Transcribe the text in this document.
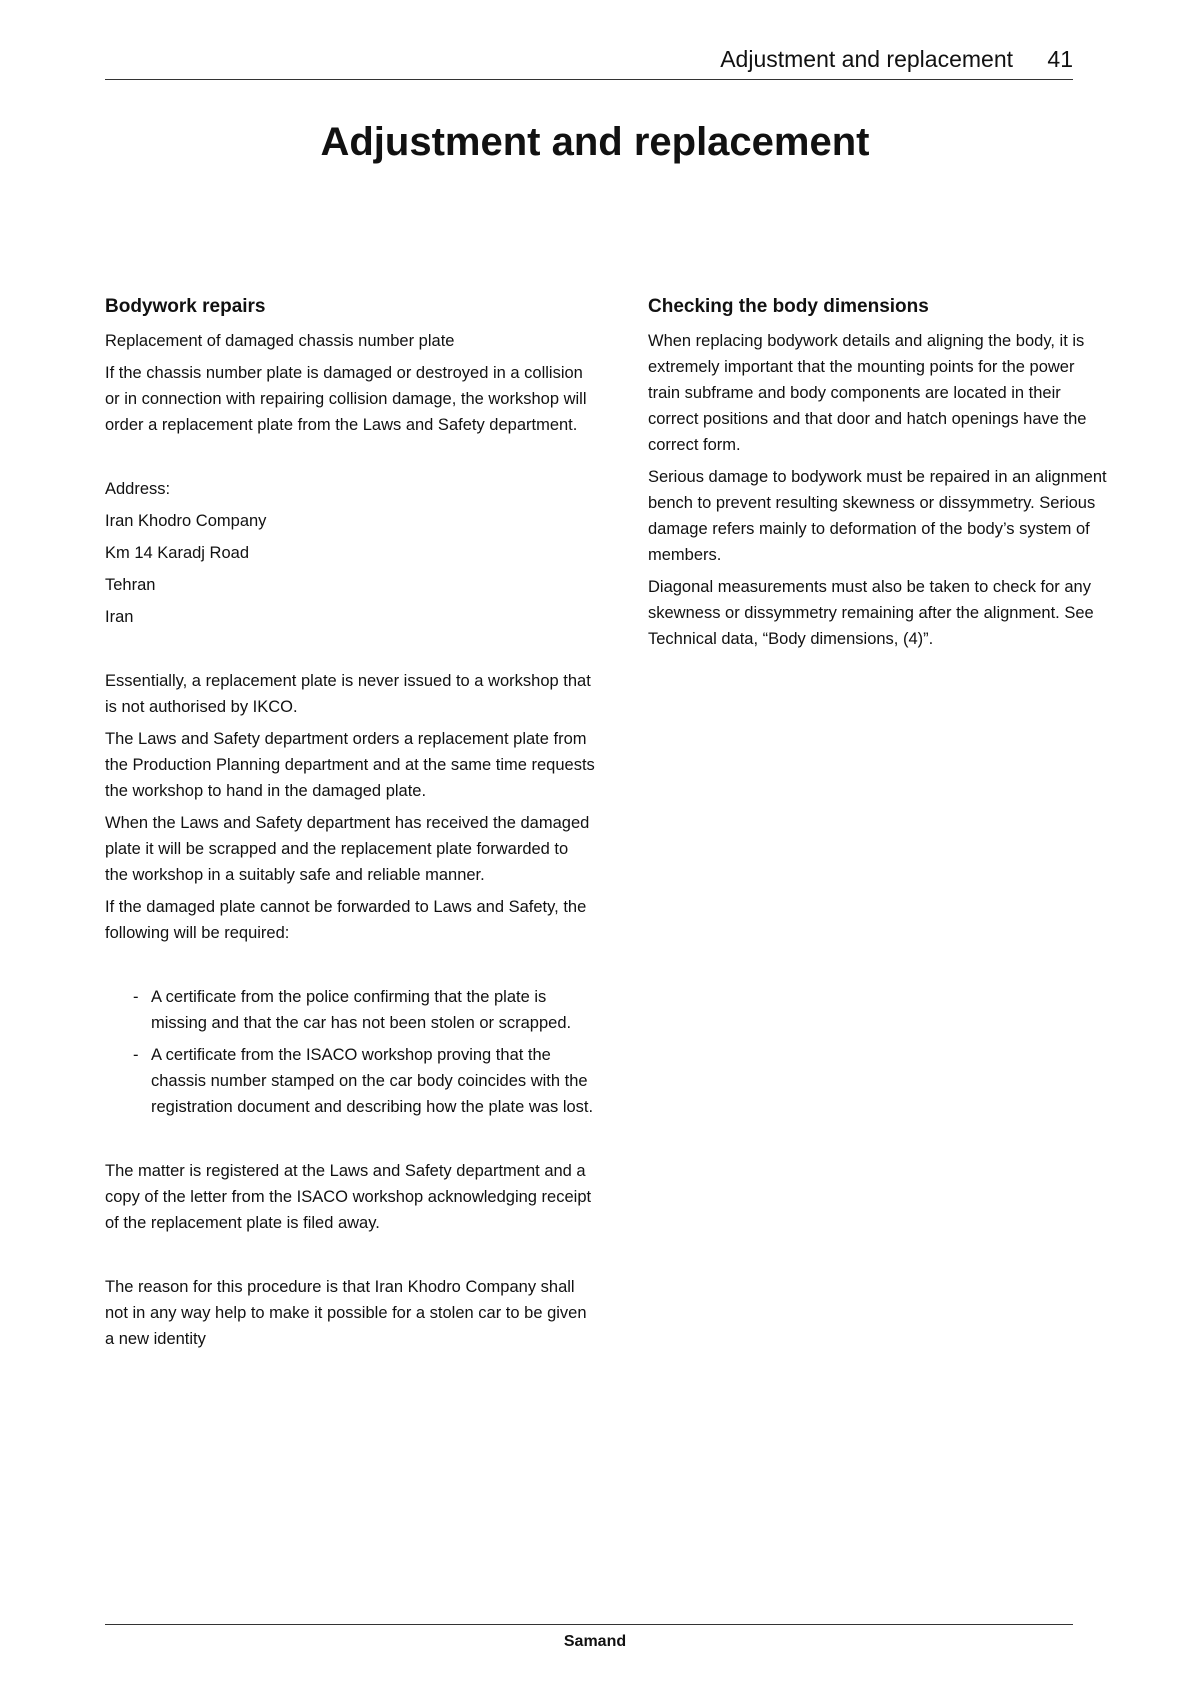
Adjustment and replacement 41
Adjustment and replacement
Bodywork repairs

Replacement of damaged chassis number plate

If the chassis number plate is damaged or destroyed in a collision or in connection with repairing collision damage, the workshop will order a replacement plate from the Laws and Safety department.

Address:

Iran Khodro Company

Km 14 Karadj Road

Tehran

Iran

Essentially, a replacement plate is never issued to a workshop that is not authorised by IKCO.

The Laws and Safety department orders a replacement plate from the Production Planning department and at the same time requests the workshop to hand in the damaged plate.

When the Laws and Safety department has received the damaged plate it will be scrapped and the replacement plate forwarded to the workshop in a suitably safe and reliable manner.

If the damaged plate cannot be forwarded to Laws and Safety, the following will be required:

- A certificate from the police confirming that the plate is missing and that the car has not been stolen or scrapped.
- A certificate from the ISACO workshop proving that the chassis number stamped on the car body coincides with the registration document and describing how the plate was lost.

The matter is registered at the Laws and Safety department and a copy of the letter from the ISACO workshop acknowledging receipt of the replacement plate is filed away.

The reason for this procedure is that Iran Khodro Company shall not in any way help to make it possible for a stolen car to be given a new identity

Checking the body dimensions

When replacing bodywork details and aligning the body, it is extremely important that the mounting points for the power train subframe and body components are located in their correct positions and that door and hatch openings have the correct form.

Serious damage to bodywork must be repaired in an alignment bench to prevent resulting skewness or dissymmetry. Serious damage refers mainly to deformation of the body’s system of members.

Diagonal measurements must also be taken to check for any skewness or dissymmetry remaining after the alignment. See Technical data, “Body dimensions, (4)”.

Samand
